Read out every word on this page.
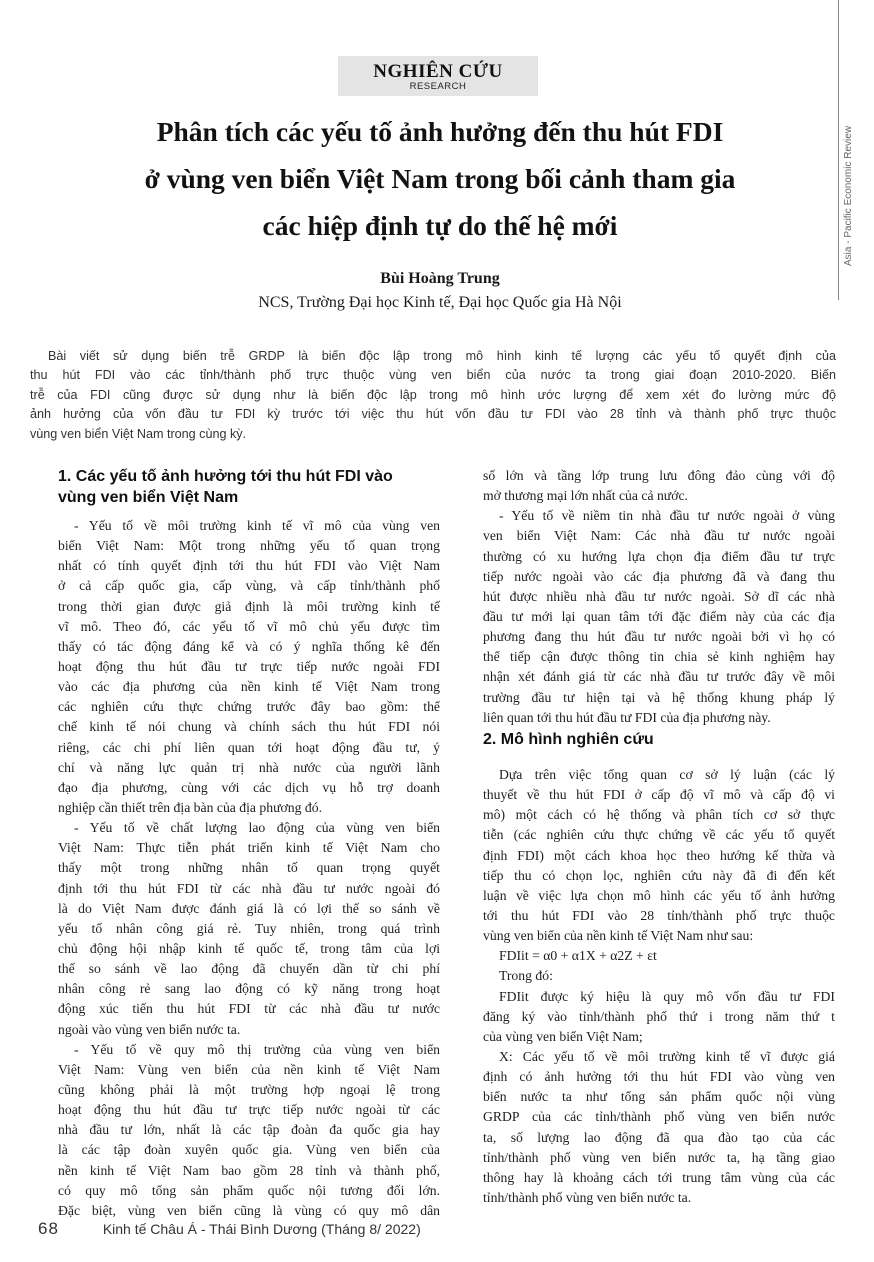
NGHIÊN CỨU
RESEARCH
Asia - Pacific Economic Review
Phân tích các yếu tố ảnh hưởng đến thu hút FDI
ở vùng ven biển Việt Nam trong bối cảnh tham gia
các hiệp định tự do thế hệ mới
Bùi Hoàng Trung
NCS, Trường Đại học Kinh tế, Đại học Quốc gia Hà Nội
Bài viết sử dụng biến trễ GRDP là biến độc lập trong mô hình kinh tế lượng các yếu tố quyết định của
thu hút FDI vào các tỉnh/thành phố trực thuộc vùng ven biển của nước ta trong giai đoạn 2010-2020. Biến
trễ của FDI cũng được sử dụng như là biến độc lập trong mô hình ước lượng để xem xét đo lường mức độ
ảnh hưởng của vốn đầu tư FDI kỳ trước tới việc thu hút vốn đầu tư FDI vào 28 tỉnh và thành phố trực thuộc
vùng ven biển Việt Nam trong cùng kỳ.
1. Các yếu tố ảnh hưởng tới thu hút FDI vào
vùng ven biển Việt Nam
- Yếu tố về môi trường kinh tế vĩ mô của vùng ven
biển Việt Nam: Một trong những yếu tố quan trọng
nhất có tính quyết định tới thu hút FDI vào Việt Nam
ở cả cấp quốc gia, cấp vùng, và cấp tỉnh/thành phố
trong thời gian được giả định là môi trường kinh tế
vĩ mô. Theo đó, các yếu tố vĩ mô chủ yếu được tìm
thấy có tác động đáng kể và có ý nghĩa thống kê đến
hoạt động thu hút đầu tư trực tiếp nước ngoài FDI
vào các địa phương của nền kinh tế Việt Nam trong
các nghiên cứu thực chứng trước đây bao gồm: thể
chế kinh tế nói chung và chính sách thu hút FDI nói
riêng, các chi phí liên quan tới hoạt động đầu tư, ý
chí và năng lực quản trị nhà nước của người lãnh
đạo địa phương, cùng với các dịch vụ hỗ trợ doanh
nghiệp cần thiết trên địa bàn của địa phương đó.
- Yếu tố về chất lượng lao động của vùng ven biển
Việt Nam: Thực tiễn phát triển kinh tế Việt Nam cho
thấy một trong những nhân tố quan trọng quyết
định tới thu hút FDI từ các nhà đầu tư nước ngoài đó
là do Việt Nam được đánh giá là có lợi thế so sánh về
yếu tố nhân công giá rẻ. Tuy nhiên, trong quá trình
chủ động hội nhập kinh tế quốc tế, trong tâm của lợi
thế so sánh về lao động đã chuyển dần từ chi phí
nhân công rẻ sang lao động có kỹ năng trong hoạt
động xúc tiến thu hút FDI từ các nhà đầu tư nước
ngoài vào vùng ven biển nước ta.
- Yếu tố về quy mô thị trường của vùng ven biển
Việt Nam: Vùng ven biển của nền kinh tế Việt Nam
cũng không phải là một trường hợp ngoại lệ trong
hoạt động thu hút đầu tư trực tiếp nước ngoài từ các
nhà đầu tư lớn, nhất là các tập đoàn đa quốc gia hay
là các tập đoàn xuyên quốc gia. Vùng ven biển của
nền kinh tế Việt Nam bao gồm 28 tỉnh và thành phố,
có quy mô tổng sản phẩm quốc nội tương đối lớn.
Đặc biệt, vùng ven biển cũng là vùng có quy mô dân
số lớn và tầng lớp trung lưu đông đảo cùng với độ
mở thương mại lớn nhất của cả nước.
- Yếu tố về niềm tin nhà đầu tư nước ngoài ở vùng
ven biển Việt Nam: Các nhà đầu tư nước ngoài
thường có xu hướng lựa chọn địa điểm đầu tư trực
tiếp nước ngoài vào các địa phương đã và đang thu
hút được nhiều nhà đầu tư nước ngoài. Sở dĩ các nhà
đầu tư mới lại quan tâm tới đặc điểm này của các địa
phương đang thu hút đầu tư nước ngoài bởi vì họ có
thể tiếp cận được thông tin chia sẻ kinh nghiệm hay
nhận xét đánh giá từ các nhà đầu tư trước đây về môi
trường đầu tư hiện tại và hệ thống khung pháp lý
liên quan tới thu hút đầu tư FDI của địa phương này.
2. Mô hình nghiên cứu
Dựa trên việc tổng quan cơ sở lý luận (các lý
thuyết về thu hút FDI ở cấp độ vĩ mô và cấp độ vi
mô) một cách có hệ thống và phân tích cơ sở thực
tiễn (các nghiên cứu thực chứng về các yếu tố quyết
định FDI) một cách khoa học theo hướng kế thừa và
tiếp thu có chọn lọc, nghiên cứu này đã đi đến kết
luận về việc lựa chọn mô hình các yếu tố ảnh hưởng
tới thu hút FDI vào 28 tỉnh/thành phố trực thuộc
vùng ven biển của nền kinh tế Việt Nam như sau:
FDIit = α0 + α1X + α2Z + εt
Trong đó:
FDIit được ký hiệu là quy mô vốn đầu tư FDI
đăng ký vào tỉnh/thành phố thứ i trong năm thứ t
của vùng ven biển Việt Nam;
X: Các yếu tố về môi trường kinh tế vĩ được giá
định có ảnh hưởng tới thu hút FDI vào vùng ven
biển nước ta như tổng sản phẩm quốc nội vùng
GRDP của các tỉnh/thành phố vùng ven biển nước
ta, số lượng lao động đã qua đào tạo của các
tỉnh/thành phố vùng ven biển nước ta, hạ tầng giao
thông hay là khoảng cách tới trung tâm vùng của các
tỉnh/thành phố vùng ven biển nước ta.
68	Kinh tế Châu Á - Thái Bình Dương (Tháng 8/ 2022)
